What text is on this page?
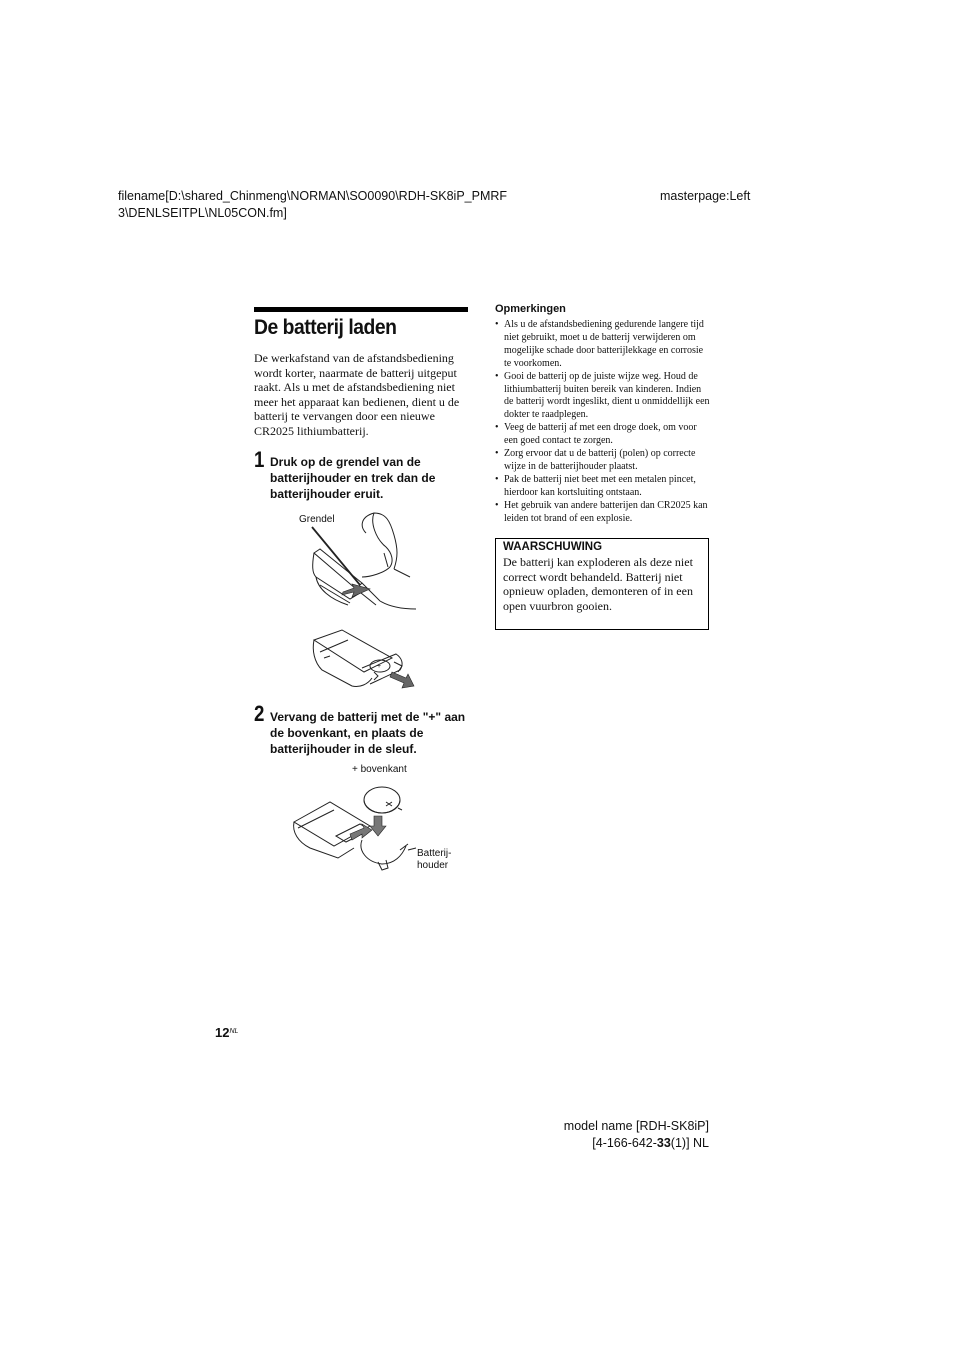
filename[D:\shared_Chinmeng\NORMAN\SO0090\RDH-SK8iP_PMRF
3\DENLSEITPL\NL05CON.fm]
masterpage:Left
De batterij laden
De werkafstand van de afstandsbediening wordt korter, naarmate de batterij uitgeput raakt. Als u met de afstandsbediening niet meer het apparaat kan bedienen, dient u de batterij te vervangen door een nieuwe CR2025 lithiumbatterij.
1 Druk op de grendel van de batterijhouder en trek dan de batterijhouder eruit.
Grendel
+
2 Vervang de batterij met de "+" aan de bovenkant, en plaats de batterijhouder in de sleuf.
+ bovenkant
Batterij-
houder
Opmerkingen
• Als u de afstandsbediening gedurende langere tijd niet gebruikt, moet u de batterij verwijderen om mogelijke schade door batterijlekkage en corrosie te voorkomen.
• Gooi de batterij op de juiste wijze weg. Houd de lithiumbatterij buiten bereik van kinderen. Indien de batterij wordt ingeslikt, dient u onmiddellijk een dokter te raadplegen.
• Veeg de batterij af met een droge doek, om voor een goed contact te zorgen.
• Zorg ervoor dat u de batterij (polen) op correcte wijze in de batterijhouder plaatst.
• Pak de batterij niet beet met een metalen pincet, hierdoor kan kortsluiting ontstaan.
• Het gebruik van andere batterijen dan CR2025 kan leiden tot brand of een explosie.
WAARSCHUWING
De batterij kan exploderen als deze niet correct wordt behandeld. Batterij niet opnieuw opladen, demonteren of in een open vuurbron gooien.
$12_{NL}$
model name [RDH-SK8iP]
[4-166-642-33(1)] NL
